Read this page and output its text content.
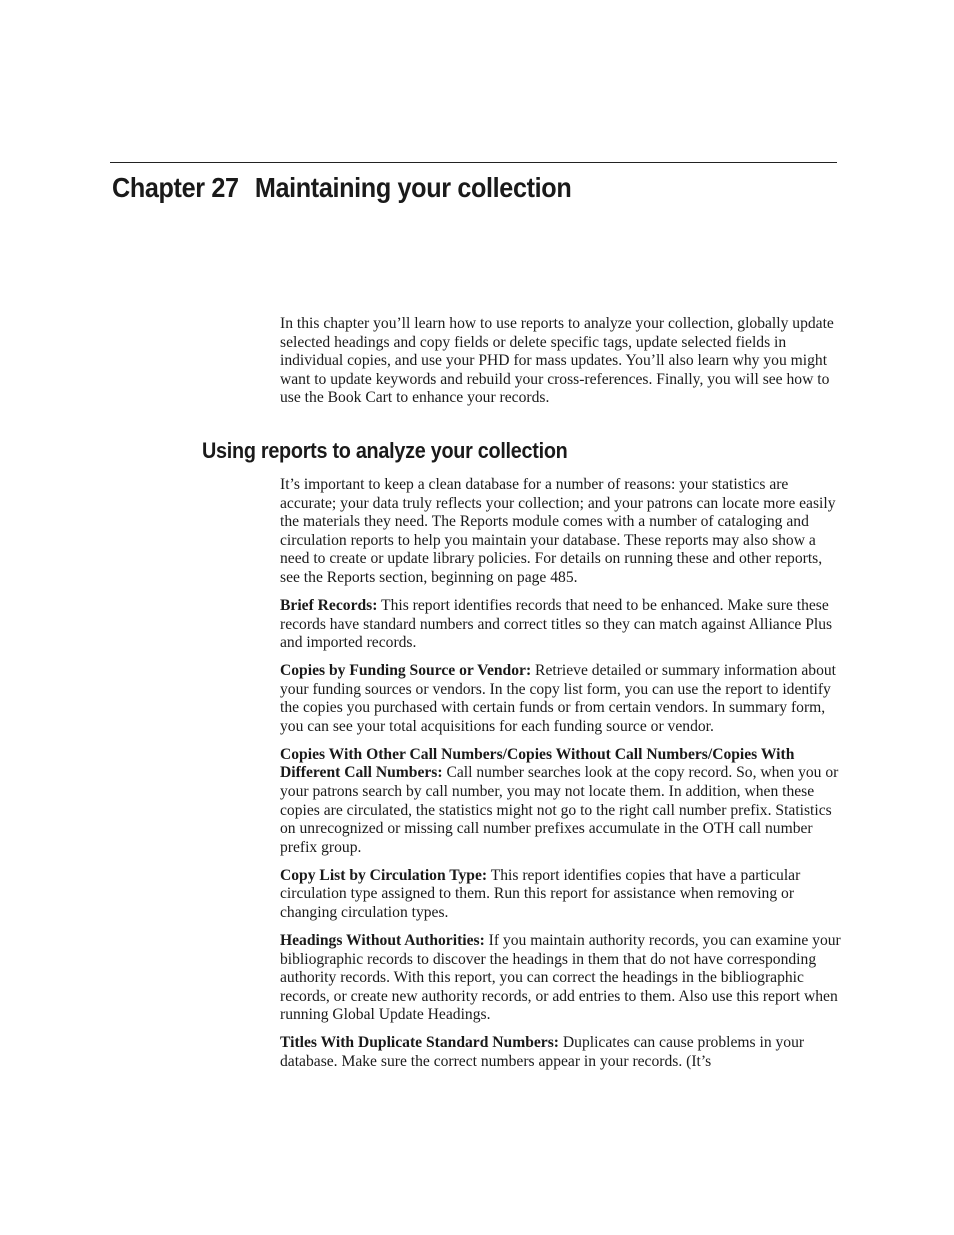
Chapter 27 Maintaining your collection

In this chapter you’ll learn how to use reports to analyze your collection, globally update selected headings and copy fields or delete specific tags, update selected fields in individual copies, and use your PHD for mass updates. You’ll also learn why you might want to update keywords and rebuild your cross-references. Finally, you will see how to use the Book Cart to enhance your records.

Using reports to analyze your collection

It’s important to keep a clean database for a number of reasons: your statistics are accurate; your data truly reflects your collection; and your patrons can locate more easily the materials they need. The Reports module comes with a number of cataloging and circulation reports to help you maintain your database. These reports may also show a need to create or update library policies. For details on running these and other reports, see the Reports section, beginning on page 485.

Brief Records: This report identifies records that need to be enhanced. Make sure these records have standard numbers and correct titles so they can match against Alliance Plus and imported records.

Copies by Funding Source or Vendor: Retrieve detailed or summary information about your funding sources or vendors. In the copy list form, you can use the report to identify the copies you purchased with certain funds or from certain vendors. In summary form, you can see your total acquisitions for each funding source or vendor.

Copies With Other Call Numbers/Copies Without Call Numbers/Copies With Different Call Numbers: Call number searches look at the copy record. So, when you or your patrons search by call number, you may not locate them. In addition, when these copies are circulated, the statistics might not go to the right call number prefix. Statistics on unrecognized or missing call number prefixes accumulate in the OTH call number prefix group.

Copy List by Circulation Type: This report identifies copies that have a particular circulation type assigned to them. Run this report for assistance when removing or changing circulation types.

Headings Without Authorities: If you maintain authority records, you can examine your bibliographic records to discover the headings in them that do not have corresponding authority records. With this report, you can correct the headings in the bibliographic records, or create new authority records, or add entries to them. Also use this report when running Global Update Headings.

Titles With Duplicate Standard Numbers: Duplicates can cause problems in your database. Make sure the correct numbers appear in your records. (It’s
